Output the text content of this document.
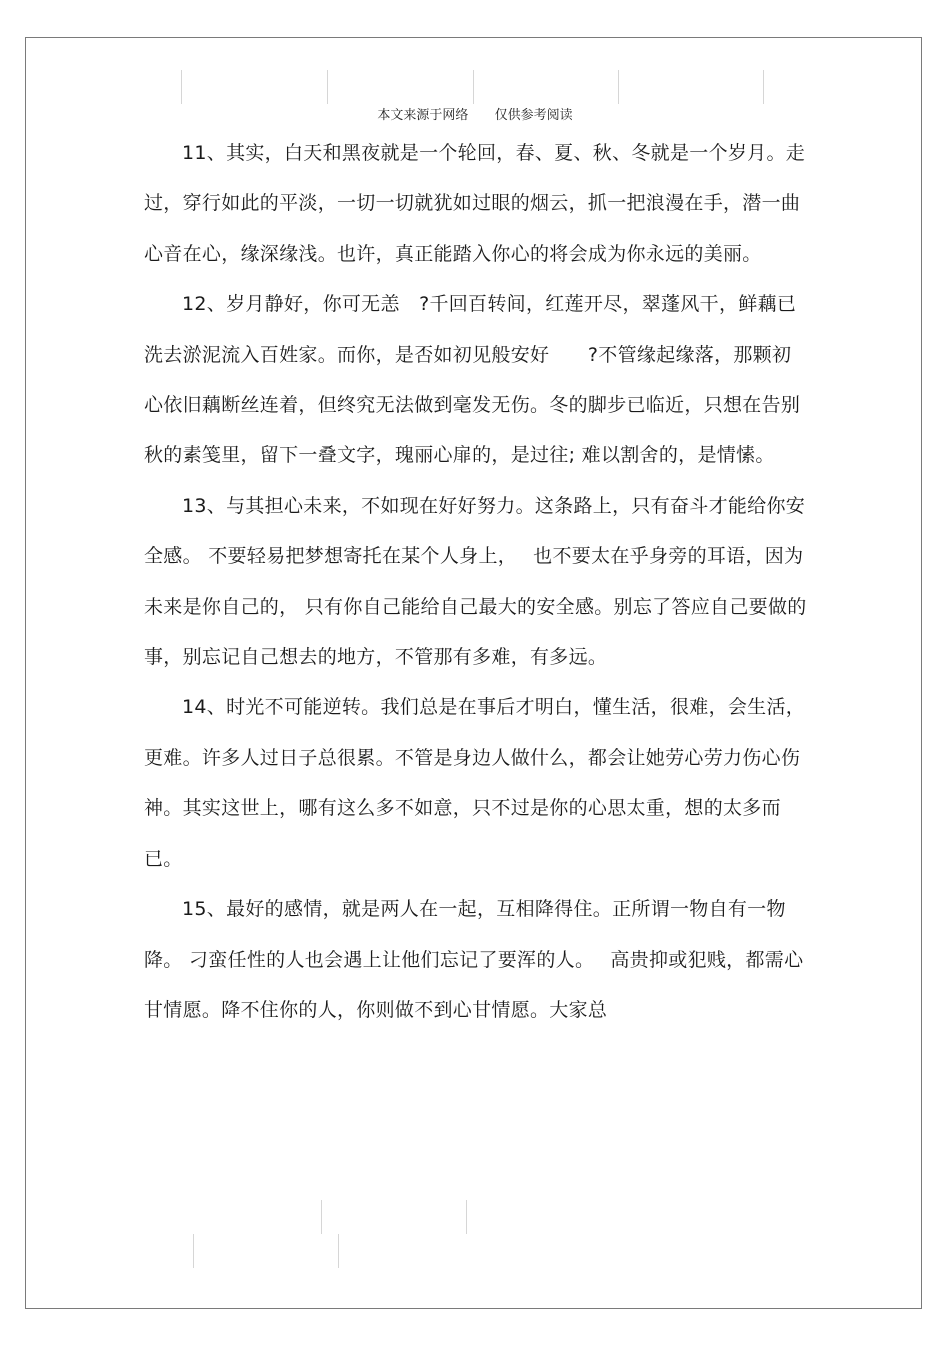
本文来源于网络 仅供参考阅读

11、其实，白天和黑夜就是一个轮回，春、夏、秋、冬就是一个岁月。走过，穿行如此的平淡，一切一切就犹如过眼的烟云，抓一把浪漫在手，潜一曲心音在心，缘深缘浅。也许，真正能踏入你心的将会成为你永远的美丽。

12、岁月静好，你可无恙　?千回百转间，红莲开尽，翠蓬风干，鲜藕已洗去淤泥流入百姓家。而你，是否如初见般安好　　?不管缘起缘落，那颗初心依旧藕断丝连着，但终究无法做到毫发无伤。冬的脚步已临近，只想在告别秋的素笺里，留下一叠文字，瑰丽心扉的，是过往; 难以割舍的，是情愫。

13、与其担心未来，不如现在好好努力。这条路上，只有奋斗才能给你安全感。 不要轻易把梦想寄托在某个人身上，　 也不要太在乎身旁的耳语，因为未来是你自己的， 只有你自己能给自己最大的安全感。别忘了答应自己要做的事，别忘记自己想去的地方，不管那有多难，有多远。

14、时光不可能逆转。我们总是在事后才明白，懂生活，很难，会生活，更难。许多人过日子总很累。不管是身边人做什么，都会让她劳心劳力伤心伤神。其实这世上，哪有这么多不如意，只不过是你的心思太重，想的太多而已。

15、最好的感情，就是两人在一起，互相降得住。正所谓一物自有一物降。 刁蛮任性的人也会遇上让他们忘记了要浑的人。　 高贵抑或犯贱，都需心甘情愿。降不住你的人，你则做不到心甘情愿。大家总
